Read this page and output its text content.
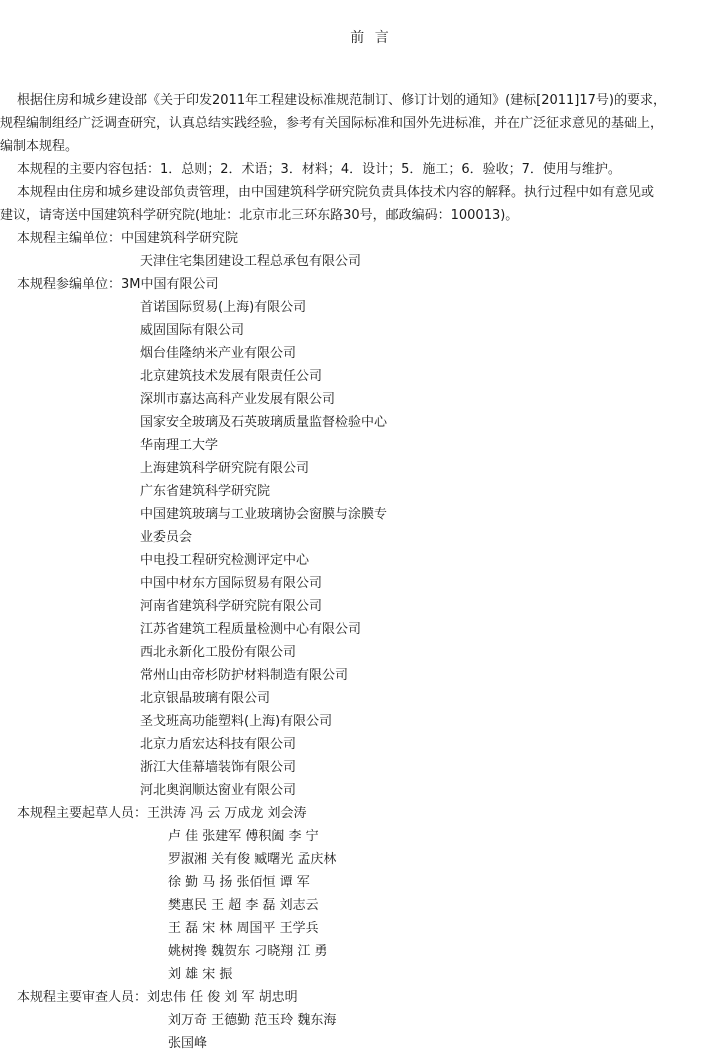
前 言
根据住房和城乡建设部《关于印发2011年工程建设标准规范制订、修订计划的通知》(建标[2011]17号)的要求，
规程编制组经广泛调查研究，认真总结实践经验，参考有关国际标准和国外先进标准，并在广泛征求意见的基础上，
编制本规程。
本规程的主要内容包括：1．总则；2．术语；3．材料；4．设计；5．施工；6．验收；7．使用与维护。
本规程由住房和城乡建设部负责管理，由中国建筑科学研究院负责具体技术内容的解释。执行过程中如有意见或
建议，请寄送中国建筑科学研究院(地址：北京市北三环东路30号，邮政编码：100013)。
本规程主编单位：中国建筑科学研究院
天津住宅集团建设工程总承包有限公司
本规程参编单位：3M中国有限公司
首诺国际贸易(上海)有限公司
威固国际有限公司
烟台佳隆纳米产业有限公司
北京建筑技术发展有限责任公司
深圳市嘉达高科产业发展有限公司
国家安全玻璃及石英玻璃质量监督检验中心
华南理工大学
上海建筑科学研究院有限公司
广东省建筑科学研究院
中国建筑玻璃与工业玻璃协会窗膜与涂膜专
业委员会
中电投工程研究检测评定中心
中国中材东方国际贸易有限公司
河南省建筑科学研究院有限公司
江苏省建筑工程质量检测中心有限公司
西北永新化工股份有限公司
常州山由帝杉防护材料制造有限公司
北京银晶玻璃有限公司
圣戈班高功能塑料(上海)有限公司
北京力盾宏达科技有限公司
浙江大佳幕墙装饰有限公司
河北奥润顺达窗业有限公司
本规程主要起草人员：王洪涛 冯 云 万成龙 刘会涛
卢 佳 张建军 傅积阖 李 宁
罗淑湘 关有俊 臧曙光 孟庆林
徐 勤 马 扬 张佰恒 谭 军
樊惠民 王 超 李 磊 刘志云
王 磊 宋 林 周国平 王学兵
姚树搀 魏贺东 刁晓翔 江 勇
刘 雄 宋 振
本规程主要审查人员：刘忠伟 任 俊 刘 军 胡忠明
刘万奇 王德勤 范玉玲 魏东海
张国峰
